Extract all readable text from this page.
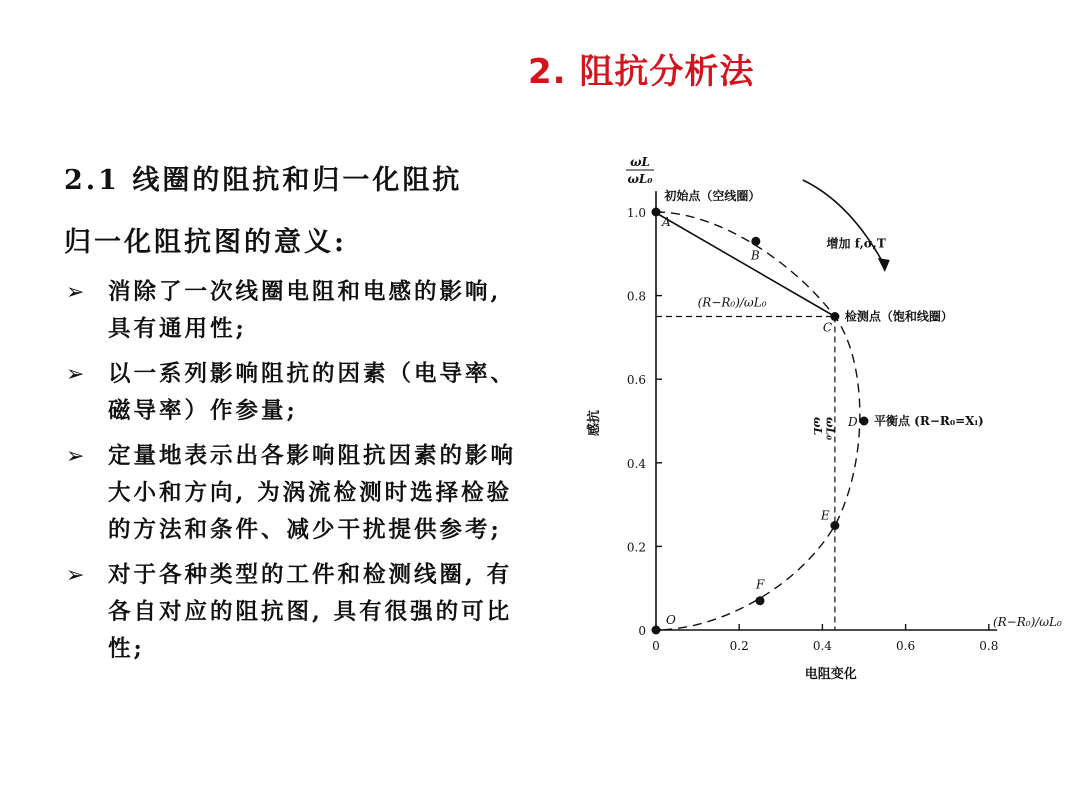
2. 阻抗分析法
2.1 线圈的阻抗和归一化阻抗
归一化阻抗图的意义:
➢ 消除了一次线圈电阻和电感的影响,
具有通用性;
➢ 以一系列影响阻抗的因素（电导率、
磁导率）作参量;
➢ 定量地表示出各影响阻抗因素的影响
大小和方向, 为涡流检测时选择检验
的方法和条件、减少干扰提供参考;
➢ 对于各种类型的工件和检测线圈, 有
各自对应的阻抗图, 具有很强的可比
性;
0
0.2
0.4
0.6
0.8
1.0
0	0.2	0.4	0.6	0.8
ωL
ωL₀
感抗
电阻变化
(R−R₀)/ωL₀
A
B
C
D
E
F
O
初始点（空线圈）
增加 f,σ,T
检测点（饱和线圈）
平衡点 (R−R₀=Xₗ)
(R−R₀)/ωL₀
ωL ωL₀
